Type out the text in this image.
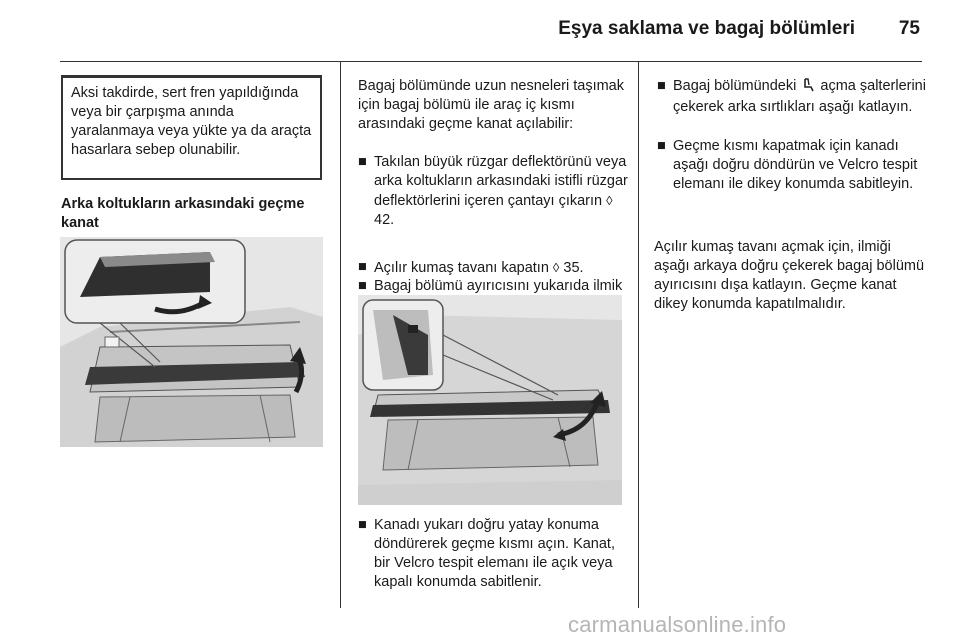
Eşya saklama ve bagaj bölümleri	75
Aksi takdirde, sert fren yapıldığında veya bir çarpışma anında yaralanmaya veya yükte ya da araçta hasarlara sebep olunabilir.
Arka koltukların arkasındaki geçme kanat
Bagaj bölümünde uzun nesneleri taşımak için bagaj bölümü ile araç iç kısmı arasındaki geçme kanat açılabilir:
■ Takılan büyük rüzgar deflektörünü veya arka koltukların arkasındaki istifli rüzgar deflektörlerini içeren çantayı çıkarın ◊ 42.
■ Açılır kumaş tavanı kapatın ◊ 35.
■ Bagaj bölümü ayırıcısını yukarıda ilmik
■ Kanadı yukarı doğru yatay konuma döndürerek geçme kısmı açın. Kanat, bir Velcro tespit elemanı ile açık veya kapalı konumda sabitlenir.
■ Bagaj bölümündeki açma şalterlerini çekerek arka sırtlıkları aşağı katlayın.
■ Geçme kısmı kapatmak için kanadı aşağı doğru döndürün ve Velcro tespit elemanı ile dikey konumda sabitleyin.
Açılır kumaş tavanı açmak için, ilmiği aşağı arkaya doğru çekerek bagaj bölümü ayırıcısını dışa katlayın. Geçme kanat dikey konumda kapatılmalıdır.
carmanualsonline.info
